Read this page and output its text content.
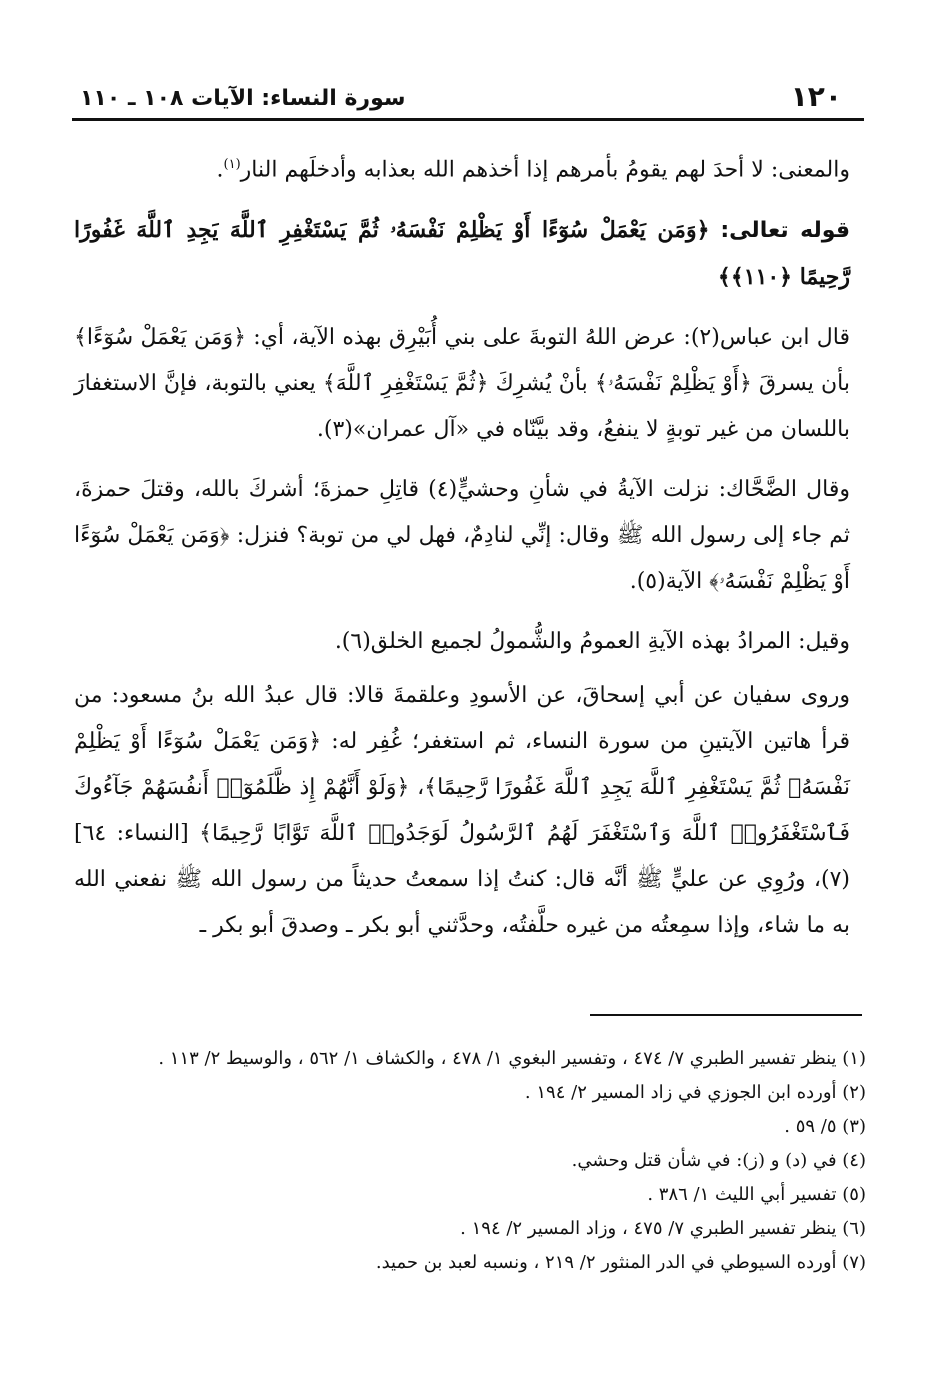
١٢٠
سورة النساء: الآيات ١٠٨ ـ ١١٠

والمعنى: لا أحدَ لهم يقومُ بأمرهم إذا أخذهم الله بعذابه وأدخلَهم النار$^{(١)}$.

قوله تعالى: ﴿وَمَن يَعْمَلْ سُوٓءًا أَوْ يَظْلِمْ نَفْسَهُۥ ثُمَّ يَسْتَغْفِرِ ٱللَّهَ يَجِدِ ٱللَّهَ غَفُورًا رَّحِيمًا ﴿١١٠﴾﴾

قال ابن عباس(٢): عرض اللهُ التوبةَ على بني أُبَيْرِق بهذه الآية، أي: ﴿وَمَن يَعْمَلْ سُوٓءًا﴾ بأن يسرقَ ﴿أَوْ يَظْلِمْ نَفْسَهُۥ﴾ بأنْ يُشرِكَ ﴿ثُمَّ يَسْتَغْفِرِ ٱللَّهَ﴾ يعني بالتوبة، فإنَّ الاستغفارَ باللسان من غير توبةٍ لا ينفعُ، وقد بيَّنّاه في «آل عمران»(٣).

وقال الضَّحَّاك: نزلت الآيةُ في شأنِ وحشيٍّ(٤) قاتِلِ حمزةَ؛ أشركَ بالله، وقتلَ حمزةَ، ثم جاء إلى رسول الله ﷺ وقال: إنِّي لنادِمٌ، فهل لي من توبة؟ فنزل: ﴿وَمَن يَعْمَلْ سُوٓءًا أَوْ يَظْلِمْ نَفْسَهُۥ﴾ الآية(٥).

وقيل: المرادُ بهذه الآيةِ العمومُ والشُّمولُ لجميع الخلق(٦).

وروى سفيان عن أبي إسحاقَ، عن الأسودِ وعلقمةَ قالا: قال عبدُ الله بنُ مسعود: من قرأ هاتين الآيتينِ من سورة النساء، ثم استغفر؛ غُفِر له: ﴿وَمَن يَعْمَلْ سُوٓءًا أَوْ يَظْلِمْ نَفْسَهُۥ ثُمَّ يَسْتَغْفِرِ ٱللَّهَ يَجِدِ ٱللَّهَ غَفُورًا رَّحِيمًا﴾، ﴿وَلَوْ أَنَّهُمْ إِذ ظَّلَمُوٓا۟ أَنفُسَهُمْ جَآءُوكَ فَٱسْتَغْفَرُوا۟ ٱللَّهَ وَٱسْتَغْفَرَ لَهُمُ ٱلرَّسُولُ لَوَجَدُوا۟ ٱللَّهَ تَوَّابًا رَّحِيمًا﴾ [النساء: ٦٤](٧)، ورُوِي عن عليٍّ ﷺ أنَّه قال: كنتُ إذا سمعتُ حديثاً من رسول الله ﷺ نفعني الله به ما شاء، وإذا سمِعتُه من غيره حلَّفتُه، وحدَّثني أبو بكر ـ وصدقَ أبو بكر ـ

(١) ينظر تفسير الطبري ٧/ ٤٧٤ ، وتفسير البغوي ١/ ٤٧٨ ، والكشاف ١/ ٥٦٢ ، والوسيط ٢/ ١١٣ .

(٢) أورده ابن الجوزي في زاد المسير ٢/ ١٩٤ .

(٣) ٥/ ٥٩ .

(٤) في (د) و (ز): في شأن قتل وحشي.

(٥) تفسير أبي الليث ١/ ٣٨٦ .

(٦) ينظر تفسير الطبري ٧/ ٤٧٥ ، وزاد المسير ٢/ ١٩٤ .

(٧) أورده السيوطي في الدر المنثور ٢/ ٢١٩ ، ونسبه لعبد بن حميد.
